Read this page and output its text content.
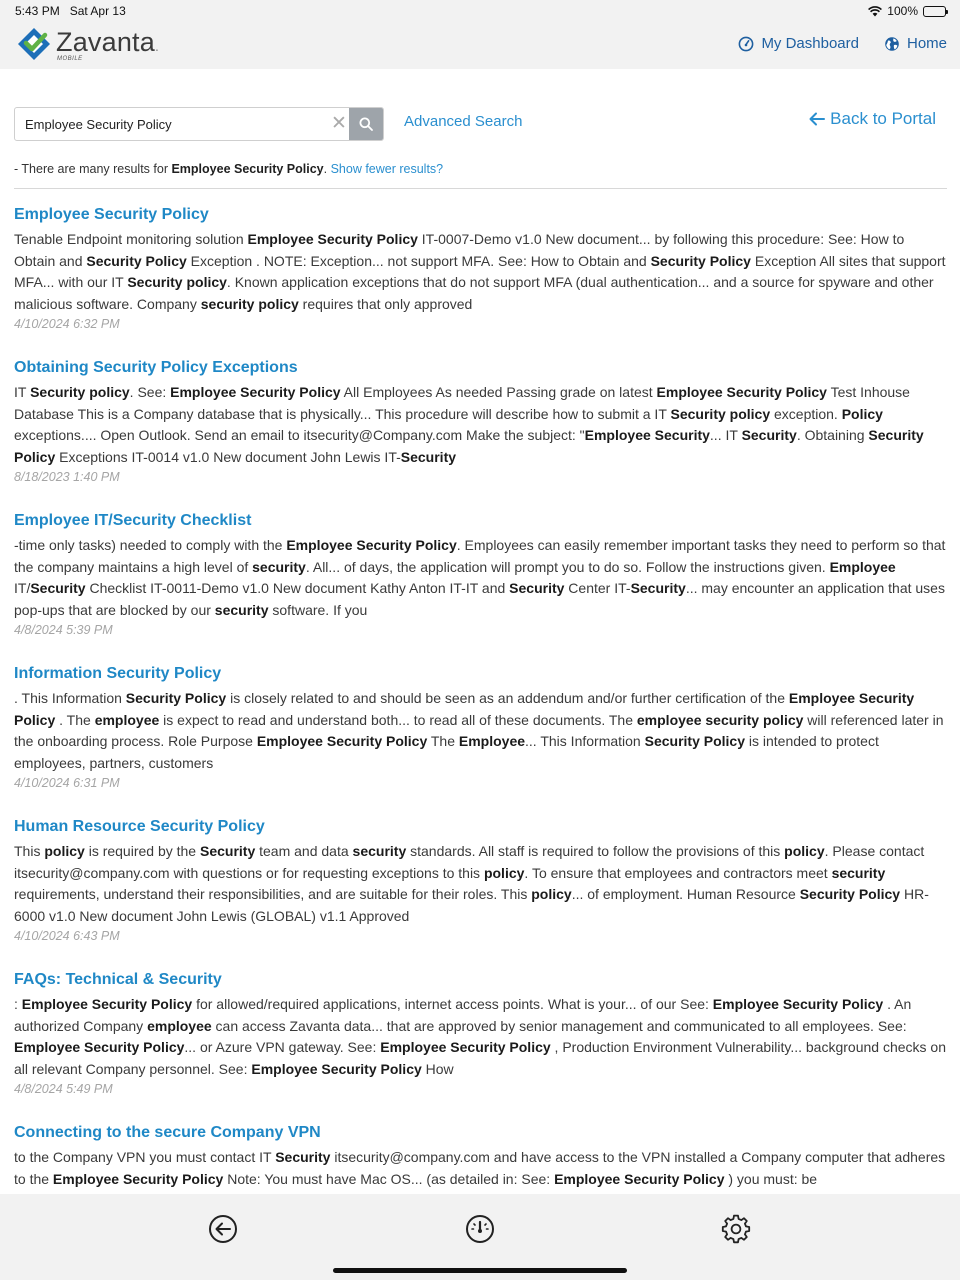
5:43 PM Sat Apr 13	100%
Zavanta.
MOBILE
My Dashboard	Home
Employee Security Policy
✕	Advanced Search	Back to Portal
- There are many results for Employee Security Policy. Show fewer results?
Employee Security Policy
Tenable Endpoint monitoring solution Employee Security Policy IT-0007-Demo v1.0 New document... by following this procedure: See: How to Obtain and Security Policy Exception . NOTE: Exception... not support MFA. See: How to Obtain and Security Policy Exception All sites that support MFA... with our IT Security policy. Known application exceptions that do not support MFA (dual authentication... and a source for spyware and other malicious software. Company security policy requires that only approved
4/10/2024 6:32 PM
Obtaining Security Policy Exceptions
IT Security policy. See: Employee Security Policy All Employees As needed Passing grade on latest Employee Security Policy Test Inhouse Database This is a Company database that is physically... This procedure will describe how to submit a IT Security policy exception. Policy exceptions.... Open Outlook. Send an email to itsecurity@Company.com Make the subject: "Employee Security... IT Security. Obtaining Security Policy Exceptions IT-0014 v1.0 New document John Lewis IT-Security
8/18/2023 1:40 PM
Employee IT/Security Checklist
-time only tasks) needed to comply with the Employee Security Policy. Employees can easily remember important tasks they need to perform so that the company maintains a high level of security. All... of days, the application will prompt you to do so. Follow the instructions given. Employee IT/Security Checklist IT-0011-Demo v1.0 New document Kathy Anton IT-IT and Security Center IT-Security... may encounter an application that uses pop-ups that are blocked by our security software. If you
4/8/2024 5:39 PM
Information Security Policy
. This Information Security Policy is closely related to and should be seen as an addendum and/or further certification of the Employee Security Policy . The employee is expect to read and understand both... to read all of these documents. The employee security policy will referenced later in the onboarding process. Role Purpose Employee Security Policy The Employee... This Information Security Policy is intended to protect employees, partners, customers
4/10/2024 6:31 PM
Human Resource Security Policy
This policy is required by the Security team and data security standards. All staff is required to follow the provisions of this policy. Please contact itsecurity@company.com with questions or for requesting exceptions to this policy. To ensure that employees and contractors meet security requirements, understand their responsibilities, and are suitable for their roles. This policy... of employment. Human Resource Security Policy HR-6000 v1.0 New document John Lewis (GLOBAL) v1.1 Approved
4/10/2024 6:43 PM
FAQs: Technical & Security
: Employee Security Policy for allowed/required applications, internet access points. What is your... of our See: Employee Security Policy . An authorized Company employee can access Zavanta data... that are approved by senior management and communicated to all employees. See: Employee Security Policy... or Azure VPN gateway. See: Employee Security Policy , Production Environment Vulnerability... background checks on all relevant Company personnel. See: Employee Security Policy How
4/8/2024 5:49 PM
Connecting to the secure Company VPN
to the Company VPN you must contact IT Security itsecurity@company.com and have access to the VPN installed a Company computer that adheres to the Employee Security Policy Note: You must have Mac OS... (as detailed in: See: Employee Security Policy ) you must: be
